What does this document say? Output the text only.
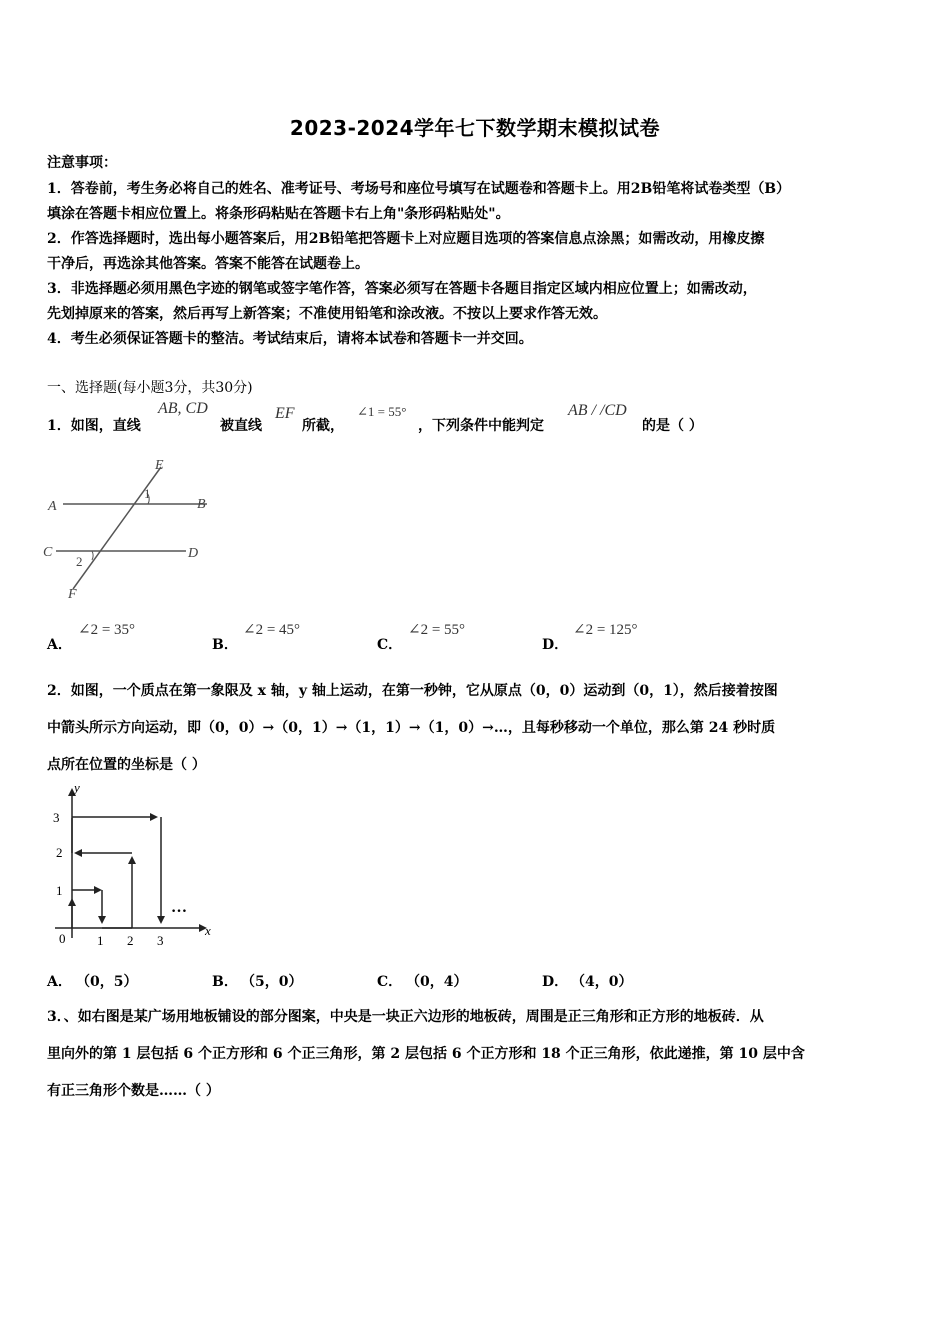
2023-2024学年七下数学期末模拟试卷
注意事项：
1．答卷前，考生务必将自己的姓名、准考证号、考场号和座位号填写在试题卷和答题卡上。用2B铅笔将试卷类型（B）
填涂在答题卡相应位置上。将条形码粘贴在答题卡右上角"条形码粘贴处"。
2．作答选择题时，选出每小题答案后，用2B铅笔把答题卡上对应题目选项的答案信息点涂黑；如需改动，用橡皮擦
干净后，再选涂其他答案。答案不能答在试题卷上。
3．非选择题必须用黑色字迹的钢笔或签字笔作答，答案必须写在答题卡各题目指定区域内相应位置上；如需改动，
先划掉原来的答案，然后再写上新答案；不准使用铅笔和涂改液。不按以上要求作答无效。
4．考生必须保证答题卡的整洁。考试结束后，请将本试卷和答题卡一并交回。
一、选择题(每小题3分，共30分)
1．如图，直线
AB, CD
被直线
EF
所截，
∠1 = 55°
，下列条件中能判定
AB / /CD
的是（ ）
A	B
C	D
E
F
1
2
A．
∠2 = 35°
B．
∠2 = 45°
C．
∠2 = 55°
D．
∠2 = 125°
2．如图，一个质点在第一象限及 x 轴，y 轴上运动，在第一秒钟，它从原点（0，0）运动到（0，1），然后接着按图
中箭头所示方向运动，即（0，0）→（0，1）→（1，1）→（1，0）→…，且每秒移动一个单位，那么第 24 秒时质
点所在位置的坐标是（ ）
y
x
0 1 2 3
1
2
3
…
A． （0，5）	B． （5，0）	C． （0，4）	D． （4，0）
3．、如右图是某广场用地板铺设的部分图案，中央是一块正六边形的地板砖，周围是正三角形和正方形的地板砖．从
里向外的第 1 层包括 6 个正方形和 6 个正三角形，第 2 层包括 6 个正方形和 18 个正三角形，依此递推，第 10 层中含
有正三角形个数是……（ ）
